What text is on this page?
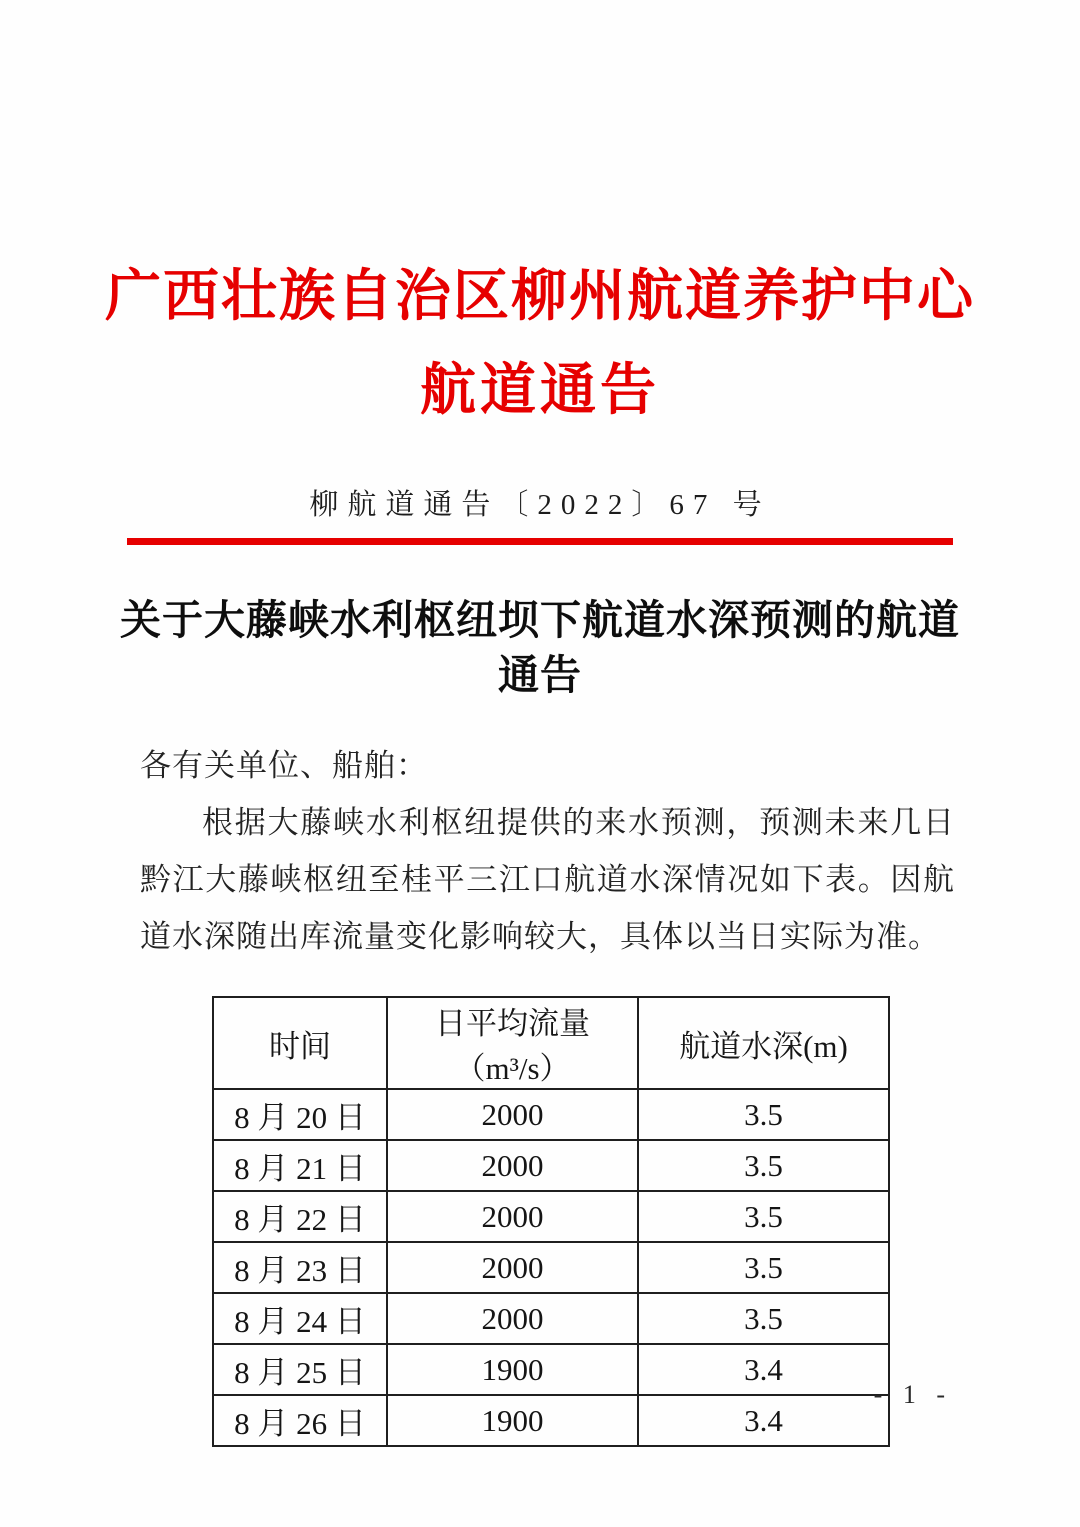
广西壮族自治区柳州航道养护中心
航道通告
柳航道通告〔2022〕67 号
关于大藤峡水利枢纽坝下航道水深预测的航道
通告

各有关单位、船舶：

根据大藤峡水利枢纽提供的来水预测，预测未来几日黔江大藤峡枢纽至桂平三江口航道水深情况如下表。因航道水深随出库流量变化影响较大，具体以当日实际为准。

时间	日平均流量（m³/s）	航道水深(m)
8 月 20 日	2000	3.5
8 月 21 日	2000	3.5
8 月 22 日	2000	3.5
8 月 23 日	2000	3.5
8 月 24 日	2000	3.5
8 月 25 日	1900	3.4
8 月 26 日	1900	3.4
- 1 -
